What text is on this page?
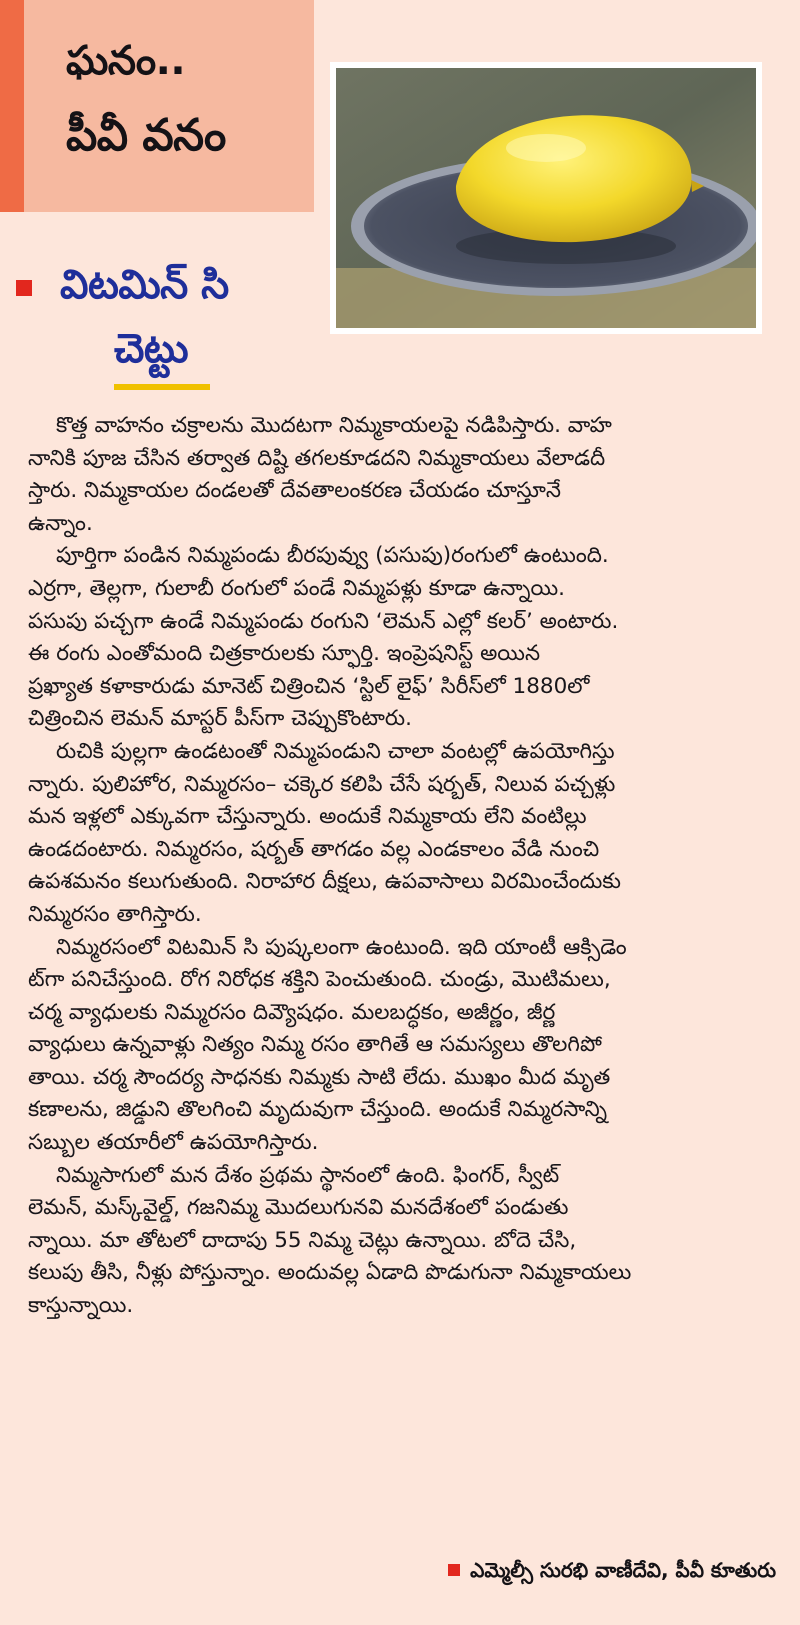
ఘనం..
పీవీ వనం
విటమిన్ సి
చెట్టు
కొత్త వాహనం చక్రాలను మొదటగా నిమ్మకాయలపై నడిపిస్తారు. వాహ
నానికి పూజ చేసిన తర్వాత దిష్టి తగలకూడదని నిమ్మకాయలు వేలాడదీ
స్తారు. నిమ్మకాయల దండలతో దేవతాలంకరణ చేయడం చూస్తూనే
ఉన్నాం.
పూర్తిగా పండిన నిమ్మపండు బీరపువ్వు (పసుపు)రంగులో ఉంటుంది.
ఎర్రగా, తెల్లగా, గులాబీ రంగులో పండే నిమ్మపళ్లు కూడా ఉన్నాయి.
పసుపు పచ్చగా ఉండే నిమ్మపండు రంగుని ‘లెమన్ ఎల్లో కలర్’ అంటారు.
ఈ రంగు ఎంతోమంది చిత్రకారులకు స్ఫూర్తి. ఇంప్రెషనిస్ట్ అయిన
ప్రఖ్యాత కళాకారుడు మానెట్ చిత్రించిన ‘స్టిల్ లైఫ్’ సిరీస్‌లో 1880లో
చిత్రించిన లెమన్ మాస్టర్ పీస్‌గా చెప్పుకొంటారు.
రుచికి పుల్లగా ఉండటంతో నిమ్మపండుని చాలా వంటల్లో ఉపయోగిస్తు
న్నారు. పులిహోర, నిమ్మరసం– చక్కెర కలిపి చేసే షర్బత్, నిలువ పచ్చళ్లు
మన ఇళ్లలో ఎక్కువగా చేస్తున్నారు. అందుకే నిమ్మకాయ లేని వంటిల్లు
ఉండదంటారు. నిమ్మరసం, షర్బత్ తాగడం వల్ల ఎండకాలం వేడి నుంచి
ఉపశమనం కలుగుతుంది. నిరాహార దీక్షలు, ఉపవాసాలు విరమించేందుకు
నిమ్మరసం తాగిస్తారు.
నిమ్మరసంలో విటమిన్ సి పుష్కలంగా ఉంటుంది. ఇది యాంటీ ఆక్సిడెం
ట్‌గా పనిచేస్తుంది. రోగ నిరోధక శక్తిని పెంచుతుంది. చుండ్రు, మొటిమలు,
చర్మ వ్యాధులకు నిమ్మరసం దివ్యౌషధం. మలబద్ధకం, అజీర్ణం, జీర్ణ
వ్యాధులు ఉన్నవాళ్లు నిత్యం నిమ్మ రసం తాగితే ఆ సమస్యలు తొలగిపో
తాయి. చర్మ సౌందర్య సాధనకు నిమ్మకు సాటి లేదు. ముఖం మీద మృత
కణాలను, జిడ్డుని తొలగించి మృదువుగా చేస్తుంది. అందుకే నిమ్మరసాన్ని
సబ్బుల తయారీలో ఉపయోగిస్తారు.
నిమ్మసాగులో మన దేశం ప్రథమ స్థానంలో ఉంది. ఫింగర్, స్వీట్
లెమన్, మస్క్‌వైల్డ్, గజనిమ్మ మొదలుగునవి మనదేశంలో పండుతు
న్నాయి. మా తోటలో దాదాపు 55 నిమ్మ చెట్లు ఉన్నాయి. బోదె చేసి,
కలుపు తీసి, నీళ్లు పోస్తున్నాం. అందువల్ల ఏడాది పొడుగునా నిమ్మకాయలు
కాస్తున్నాయి.
ఎమ్మెల్సీ సురభి వాణీదేవి, పీవీ కూతురు
